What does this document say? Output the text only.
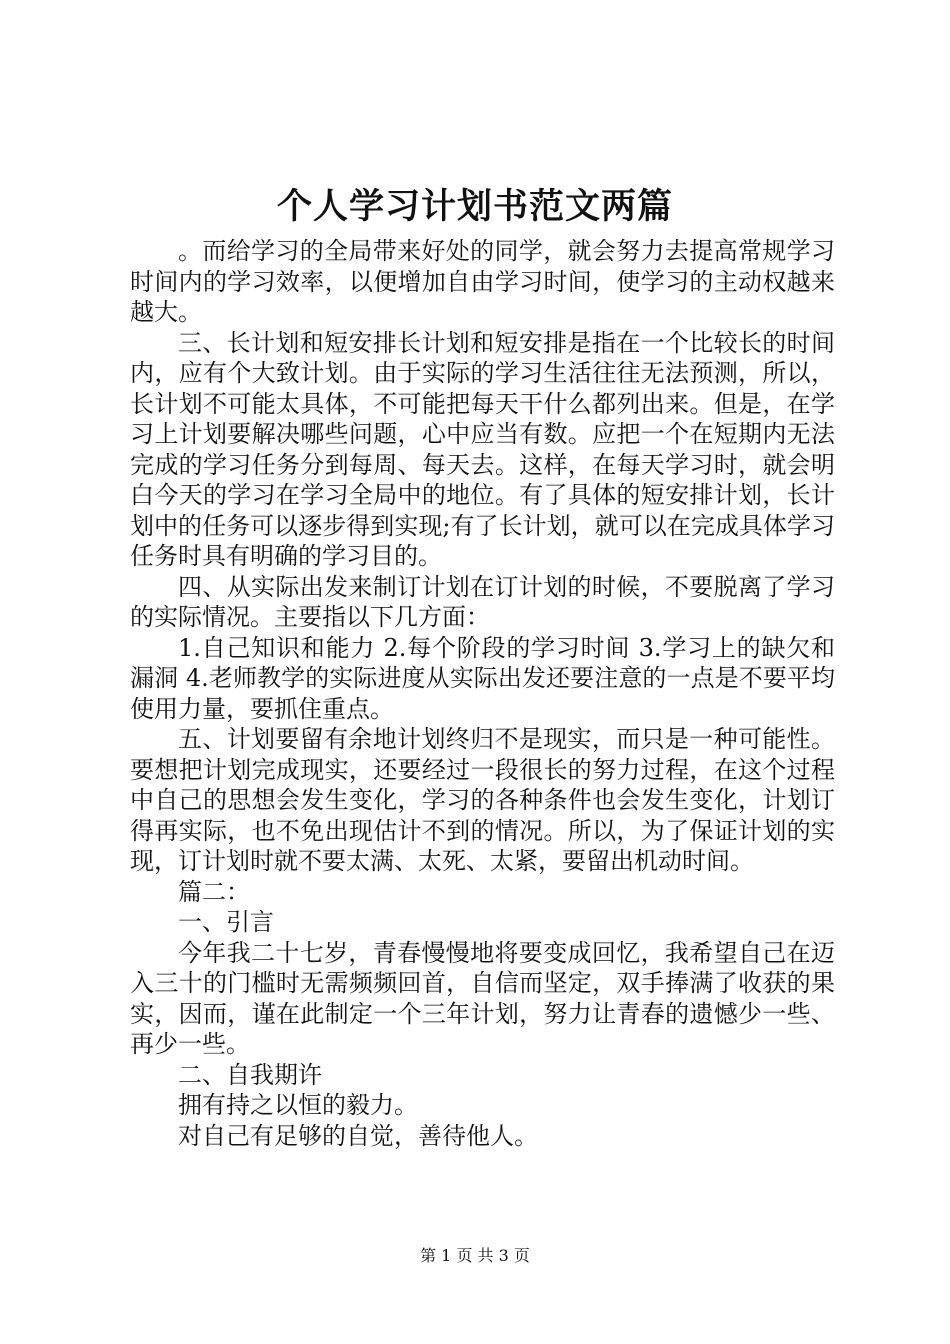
个人学习计划书范文两篇

。而给学习的全局带来好处的同学，就会努力去提高常规学习时间内的学习效率，以便增加自由学习时间，使学习的主动权越来越大。

三、长计划和短安排长计划和短安排是指在一个比较长的时间内，应有个大致计划。由于实际的学习生活往往无法预测，所以，长计划不可能太具体，不可能把每天干什么都列出来。但是，在学习上计划要解决哪些问题，心中应当有数。应把一个在短期内无法完成的学习任务分到每周、每天去。这样，在每天学习时，就会明白今天的学习在学习全局中的地位。有了具体的短安排计划，长计划中的任务可以逐步得到实现;有了长计划，就可以在完成具体学习任务时具有明确的学习目的。

四、从实际出发来制订计划在订计划的时候，不要脱离了学习的实际情况。主要指以下几方面：

1.自己知识和能力 2.每个阶段的学习时间 3.学习上的缺欠和漏洞 4.老师教学的实际进度从实际出发还要注意的一点是不要平均使用力量，要抓住重点。

五、计划要留有余地计划终归不是现实，而只是一种可能性。要想把计划完成现实，还要经过一段很长的努力过程，在这个过程中自己的思想会发生变化，学习的各种条件也会发生变化，计划订得再实际，也不免出现估计不到的情况。所以，为了保证计划的实现，订计划时就不要太满、太死、太紧，要留出机动时间。

篇二：

一、引言

今年我二十七岁，青春慢慢地将要变成回忆，我希望自己在迈入三十的门槛时无需频频回首，自信而坚定，双手捧满了收获的果实，因而，谨在此制定一个三年计划，努力让青春的遗憾少一些、再少一些。

二、自我期许

拥有持之以恒的毅力。

对自己有足够的自觉，善待他人。

第 1 页 共 3 页
